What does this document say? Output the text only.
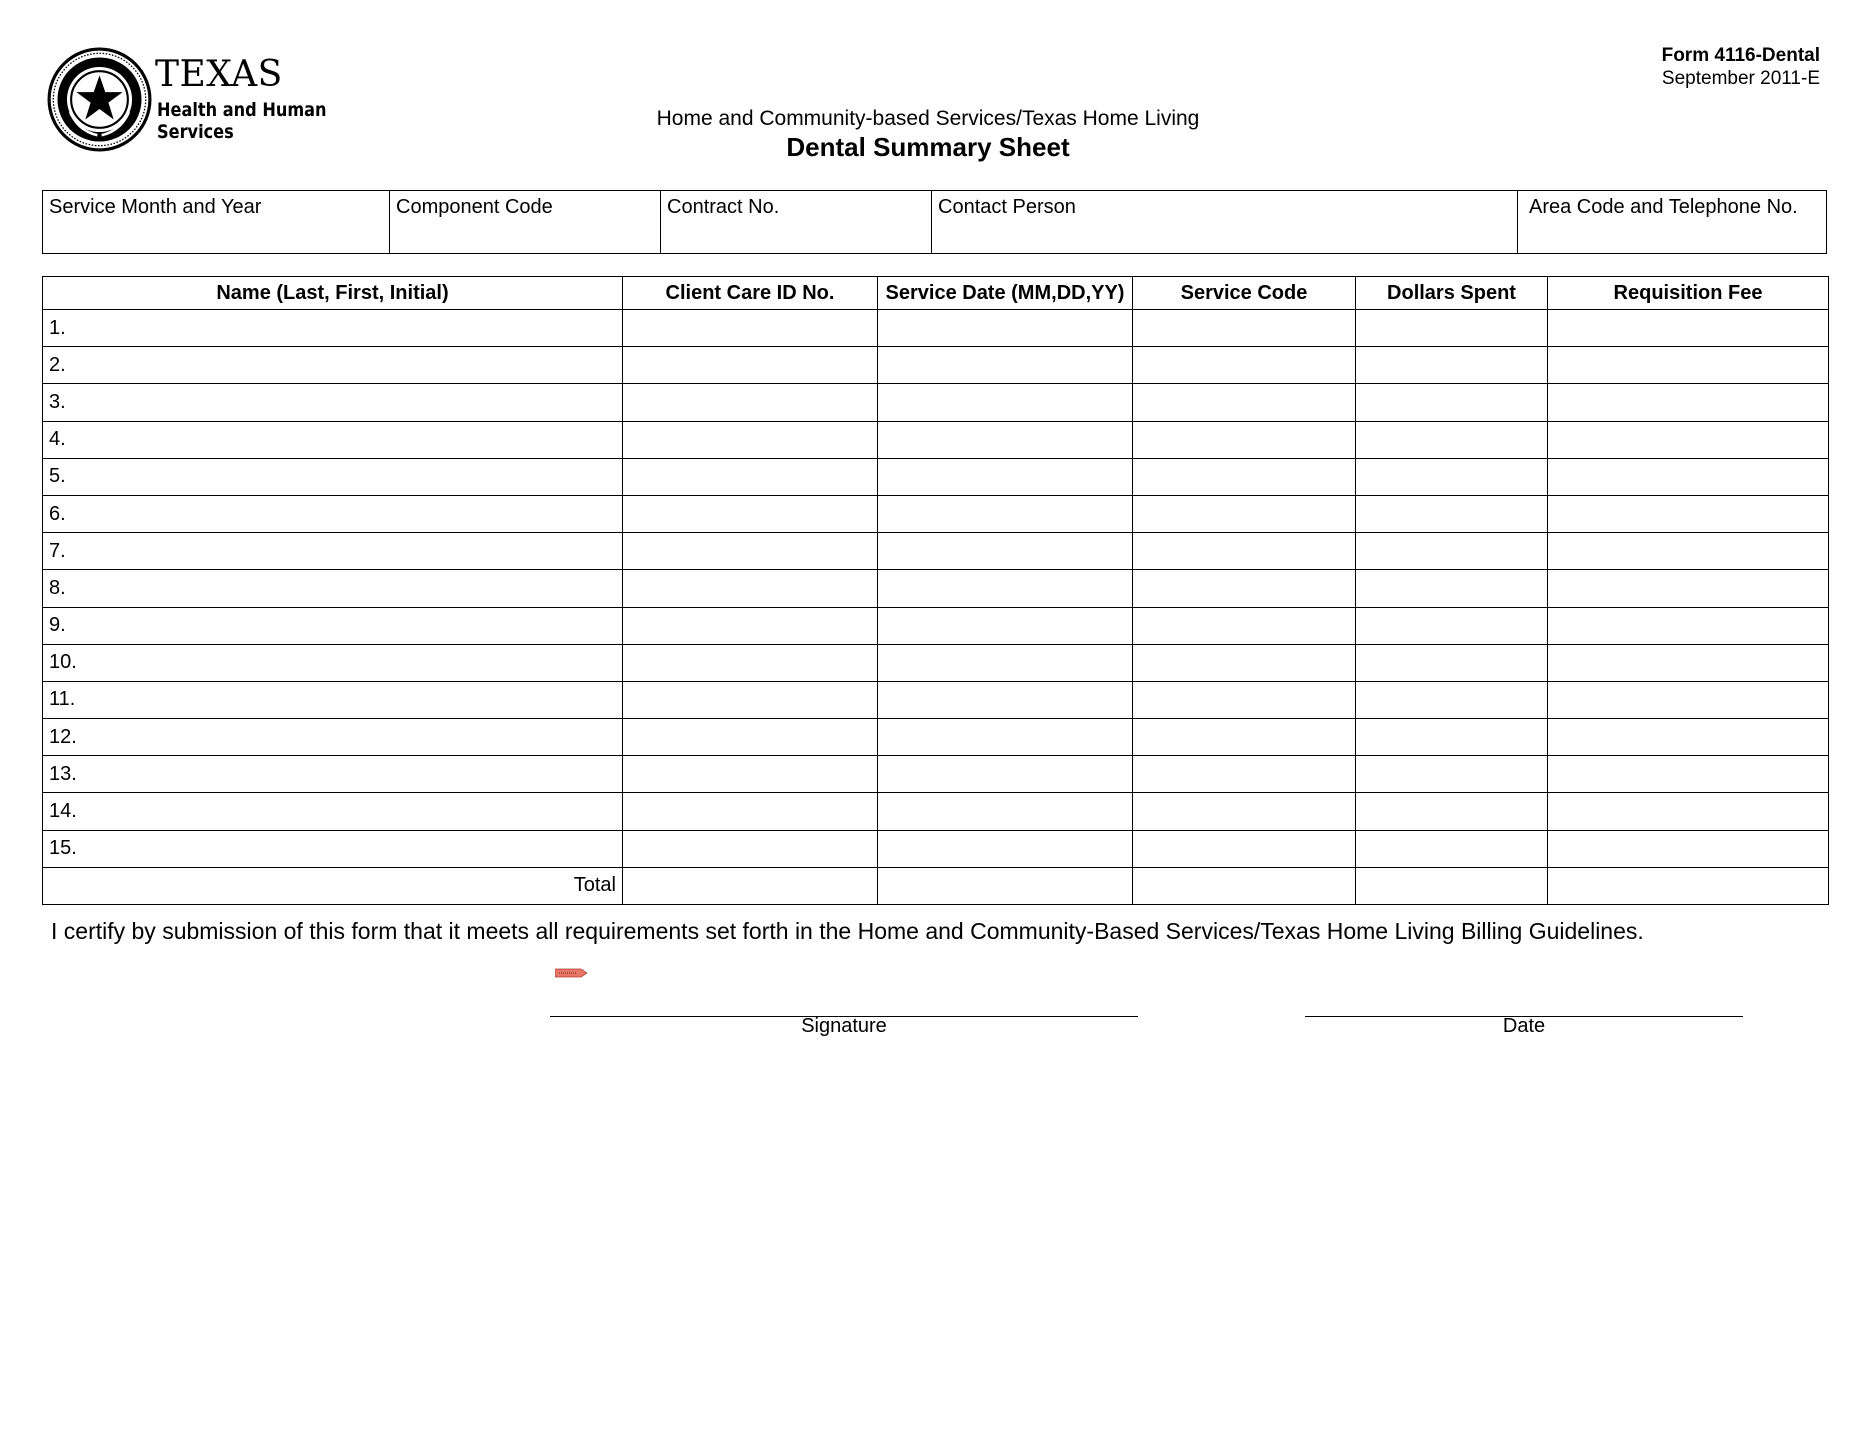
TEXAS
Health and Human
Services
Form 4116-Dental
September 2011-E
Home and Community-based Services/Texas Home Living
Dental Summary Sheet
Service Month and Year	Component Code	Contract No.	Contact Person	Area Code and Telephone No.
Name (Last, First, Initial)	Client Care ID No.	Service Date (MM,DD,YY)	Service Code	Dollars Spent	Requisition Fee
1.					
2.					
3.					
4.					
5.					
6.					
7.					
8.					
9.					
10.					
11.					
12.					
13.					
14.					
15.					
Total					
I certify by submission of this form that it meets all requirements set forth in the Home and Community-Based Services/Texas Home Living Billing Guidelines.
Signature	Date
